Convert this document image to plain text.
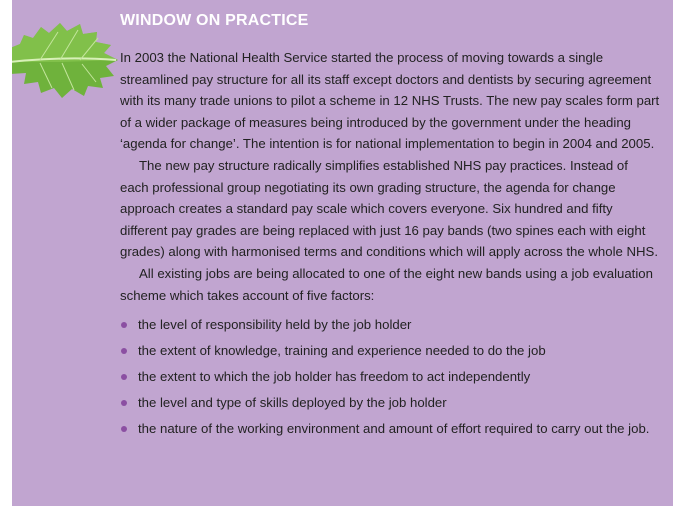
WINDOW ON PRACTICE

In 2003 the National Health Service started the process of moving towards a single streamlined pay structure for all its staff except doctors and dentists by securing agreement with its many trade unions to pilot a scheme in 12 NHS Trusts. The new pay scales form part of a wider package of measures being introduced by the government under the heading ‘agenda for change’. The intention is for national implementation to begin in 2004 and 2005.

The new pay structure radically simplifies established NHS pay practices. Instead of each professional group negotiating its own grading structure, the agenda for change approach creates a standard pay scale which covers everyone. Six hundred and fifty different pay grades are being replaced with just 16 pay bands (two spines each with eight grades) along with harmonised terms and conditions which will apply across the whole NHS.

All existing jobs are being allocated to one of the eight new bands using a job evaluation scheme which takes account of five factors:

the level of responsibility held by the job holder
the extent of knowledge, training and experience needed to do the job
the extent to which the job holder has freedom to act independently
the level and type of skills deployed by the job holder
the nature of the working environment and amount of effort required to carry out the job.
